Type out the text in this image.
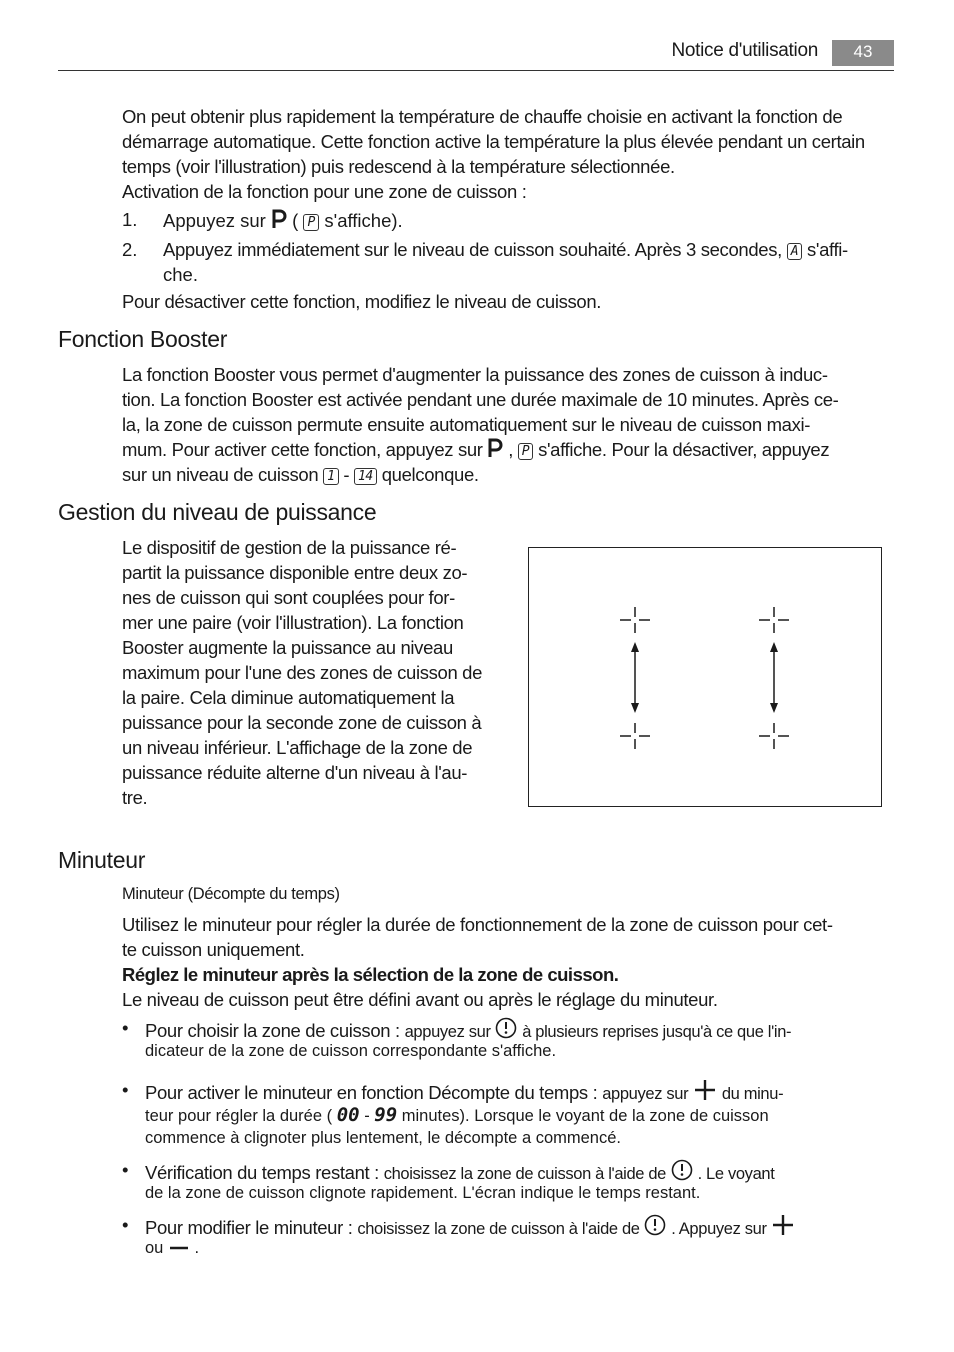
Notice d'utilisation	43

On peut obtenir plus rapidement la température de chauffe choisie en activant la fonction de démarrage automatique. Cette fonction active la température la plus élevée pendant un certain temps (voir l'illustration) puis redescend à la température sélectionnée.

Activation de la fonction pour une zone de cuisson :

1. Appuyez sur ( P s'affiche).
2. Appuyez immédiatement sur le niveau de cuisson souhaité. Après 3 secondes, A s'affi-
che.

Pour désactiver cette fonction, modifiez le niveau de cuisson.

Fonction Booster
La fonction Booster vous permet d'augmenter la puissance des zones de cuisson à induc-
tion. La fonction Booster est activée pendant une durée maximale de 10 minutes. Après ce-
la, la zone de cuisson permute ensuite automatiquement sur le niveau de cuisson maxi-
mum. Pour activer cette fonction, appuyez sur , P s'affiche. Pour la désactiver, appuyez
sur un niveau de cuisson 1 - 14 quelconque.
Gestion du niveau de puissance
Le dispositif de gestion de la puissance ré-
partit la puissance disponible entre deux zo-
nes de cuisson qui sont couplées pour for-
mer une paire (voir l'illustration). La fonction
Booster augmente la puissance au niveau
maximum pour l'une des zones de cuisson de
la paire. Cela diminue automatiquement la
puissance pour la seconde zone de cuisson à
un niveau inférieur. L'affichage de la zone de
puissance réduite alterne d'un niveau à l'au-
tre.
Minuteur

Minuteur (Décompte du temps)

Utilisez le minuteur pour régler la durée de fonctionnement de la zone de cuisson pour cet-
te cuisson uniquement.
Réglez le minuteur après la sélection de la zone de cuisson.
Le niveau de cuisson peut être défini avant ou après le réglage du minuteur.
• Pour choisir la zone de cuisson : appuyez sur à plusieurs reprises jusqu'à ce que l'in-
dicateur de la zone de cuisson correspondante s'affiche.
• Pour activer le minuteur en fonction Décompte du temps : appuyez sur du minu-
teur pour régler la durée ( 00 - 99 minutes). Lorsque le voyant de la zone de cuisson
commence à clignoter plus lentement, le décompte a commencé.
• Vérification du temps restant : choisissez la zone de cuisson à l'aide de . Le voyant
de la zone de cuisson clignote rapidement. L'écran indique le temps restant.
• Pour modifier le minuteur : choisissez la zone de cuisson à l'aide de . Appuyez sur
ou .
